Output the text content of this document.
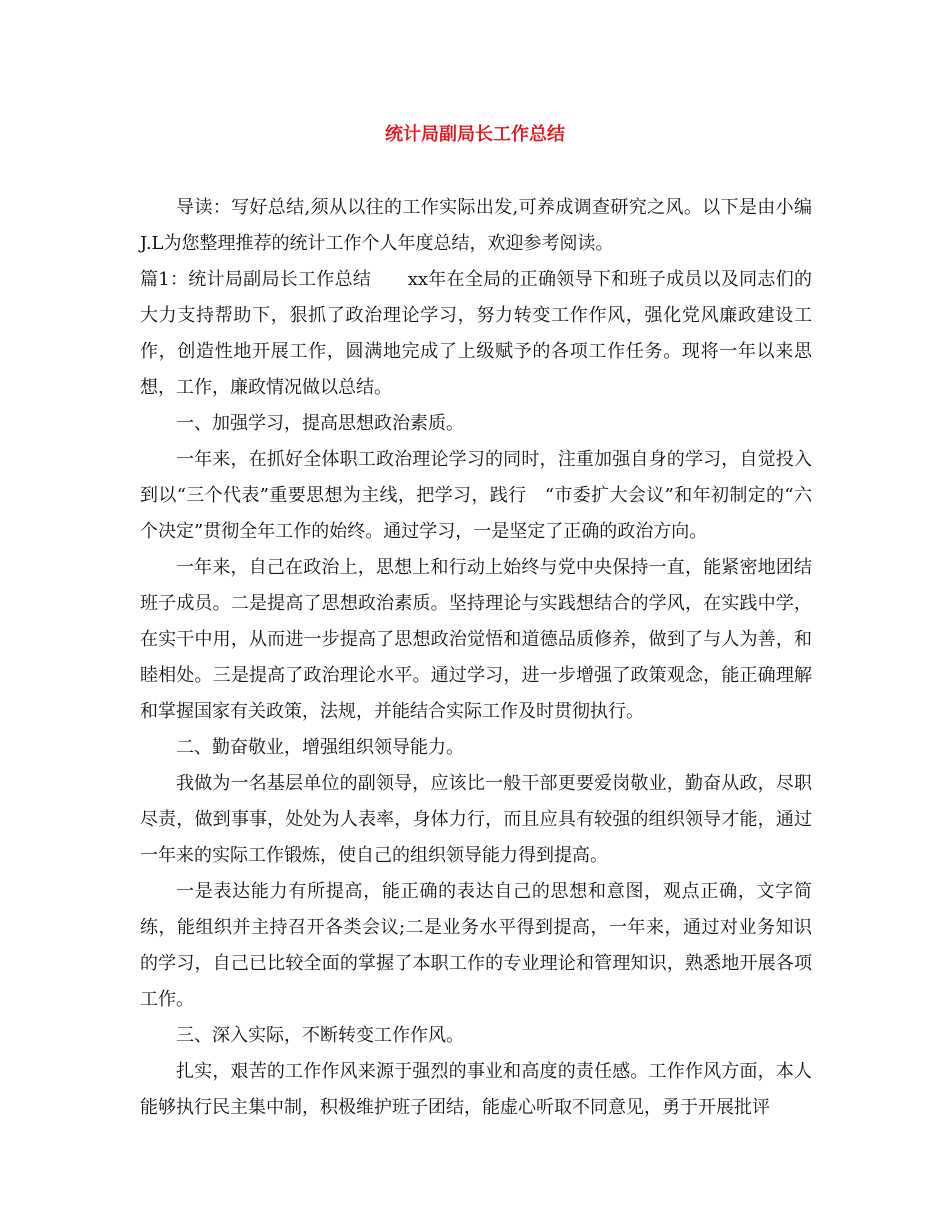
统计局副局长工作总结

导读：写好总结,须从以往的工作实际出发,可养成调查研究之风。以下是由小编J.L为您整理推荐的统计工作个人年度总结，欢迎参考阅读。

篇1：统计局副局长工作总结　　xx年在全局的正确领导下和班子成员以及同志们的大力支持帮助下，狠抓了政治理论学习，努力转变工作作风，强化党风廉政建设工作，创造性地开展工作，圆满地完成了上级赋予的各项工作任务。现将一年以来思想，工作，廉政情况做以总结。

一、加强学习，提高思想政治素质。

一年来，在抓好全体职工政治理论学习的同时，注重加强自身的学习，自觉投入到以“三个代表”重要思想为主线，把学习，践行　“市委扩大会议”和年初制定的“六个决定”贯彻全年工作的始终。通过学习，一是坚定了正确的政治方向。

一年来，自己在政治上，思想上和行动上始终与党中央保持一直，能紧密地团结班子成员。二是提高了思想政治素质。坚持理论与实践想结合的学风，在实践中学，在实干中用，从而进一步提高了思想政治觉悟和道德品质修养，做到了与人为善，和睦相处。三是提高了政治理论水平。通过学习，进一步增强了政策观念，能正确理解和掌握国家有关政策，法规，并能结合实际工作及时贯彻执行。

二、勤奋敬业，增强组织领导能力。

我做为一名基层单位的副领导，应该比一般干部更要爱岗敬业，勤奋从政，尽职尽责，做到事事，处处为人表率，身体力行，而且应具有较强的组织领导才能，通过一年来的实际工作锻炼，使自己的组织领导能力得到提高。

一是表达能力有所提高，能正确的表达自己的思想和意图，观点正确，文字简练，能组织并主持召开各类会议;二是业务水平得到提高，一年来，通过对业务知识的学习，自己已比较全面的掌握了本职工作的专业理论和管理知识，熟悉地开展各项工作。

三、深入实际，不断转变工作作风。

扎实，艰苦的工作作风来源于强烈的事业和高度的责任感。工作作风方面，本人能够执行民主集中制，积极维护班子团结，能虚心听取不同意见，勇于开展批评
